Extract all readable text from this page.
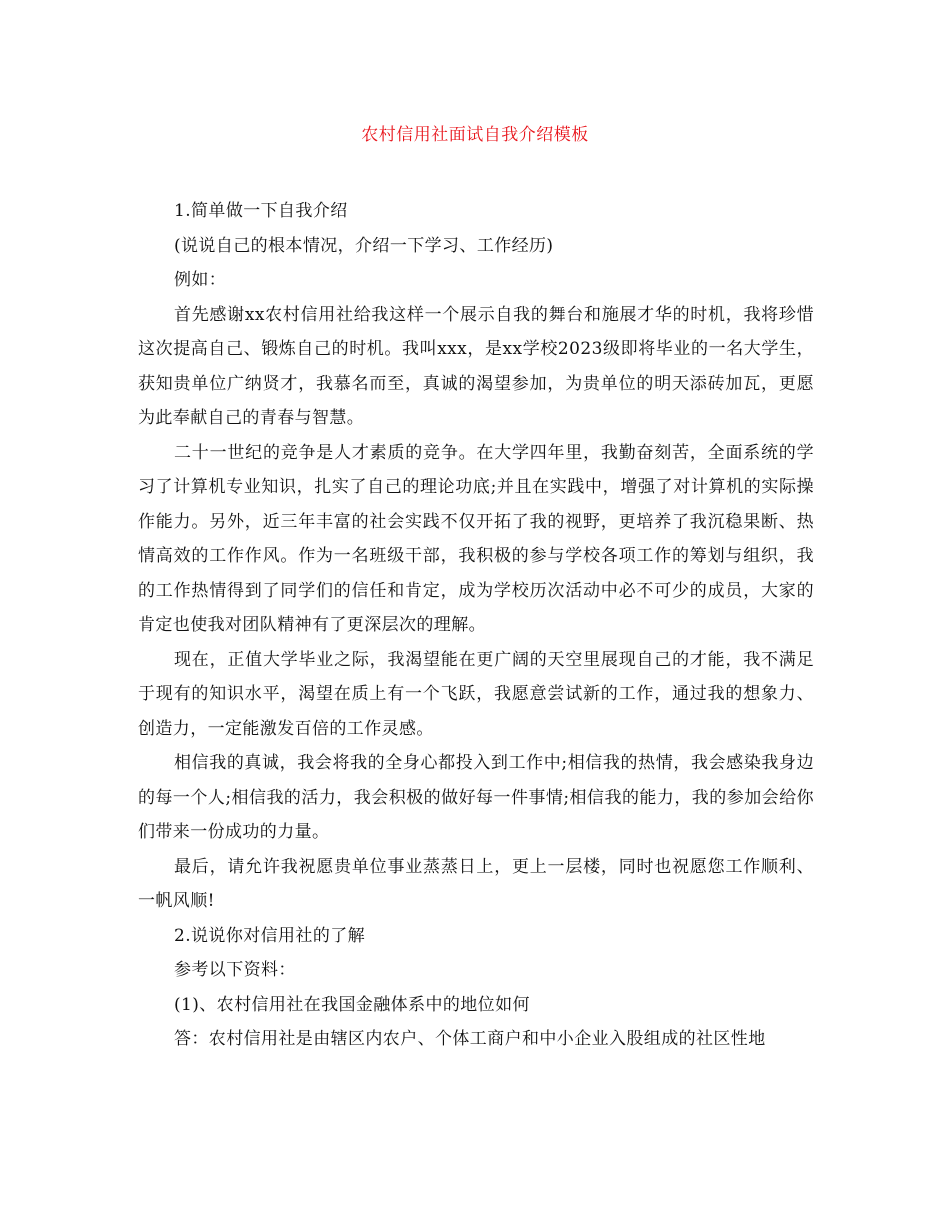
农村信用社面试自我介绍模板

1.简单做一下自我介绍

(说说自己的根本情况，介绍一下学习、工作经历)

例如：

首先感谢xx农村信用社给我这样一个展示自我的舞台和施展才华的时机，我将珍惜这次提高自己、锻炼自己的时机。我叫xxx，是xx学校2023级即将毕业的一名大学生，获知贵单位广纳贤才，我慕名而至，真诚的渴望参加，为贵单位的明天添砖加瓦，更愿为此奉献自己的青春与智慧。

二十一世纪的竞争是人才素质的竞争。在大学四年里，我勤奋刻苦，全面系统的学习了计算机专业知识，扎实了自己的理论功底;并且在实践中，增强了对计算机的实际操作能力。另外，近三年丰富的社会实践不仅开拓了我的视野，更培养了我沉稳果断、热情高效的工作作风。作为一名班级干部，我积极的参与学校各项工作的筹划与组织，我的工作热情得到了同学们的信任和肯定，成为学校历次活动中必不可少的成员，大家的肯定也使我对团队精神有了更深层次的理解。

现在，正值大学毕业之际，我渴望能在更广阔的天空里展现自己的才能，我不满足于现有的知识水平，渴望在质上有一个飞跃，我愿意尝试新的工作，通过我的想象力、创造力，一定能激发百倍的工作灵感。

相信我的真诚，我会将我的全身心都投入到工作中;相信我的热情，我会感染我身边的每一个人;相信我的活力，我会积极的做好每一件事情;相信我的能力，我的参加会给你们带来一份成功的力量。

最后，请允许我祝愿贵单位事业蒸蒸日上，更上一层楼，同时也祝愿您工作顺利、一帆风顺!

2.说说你对信用社的了解

参考以下资料：

(1)、农村信用社在我国金融体系中的地位如何

答：农村信用社是由辖区内农户、个体工商户和中小企业入股组成的社区性地
